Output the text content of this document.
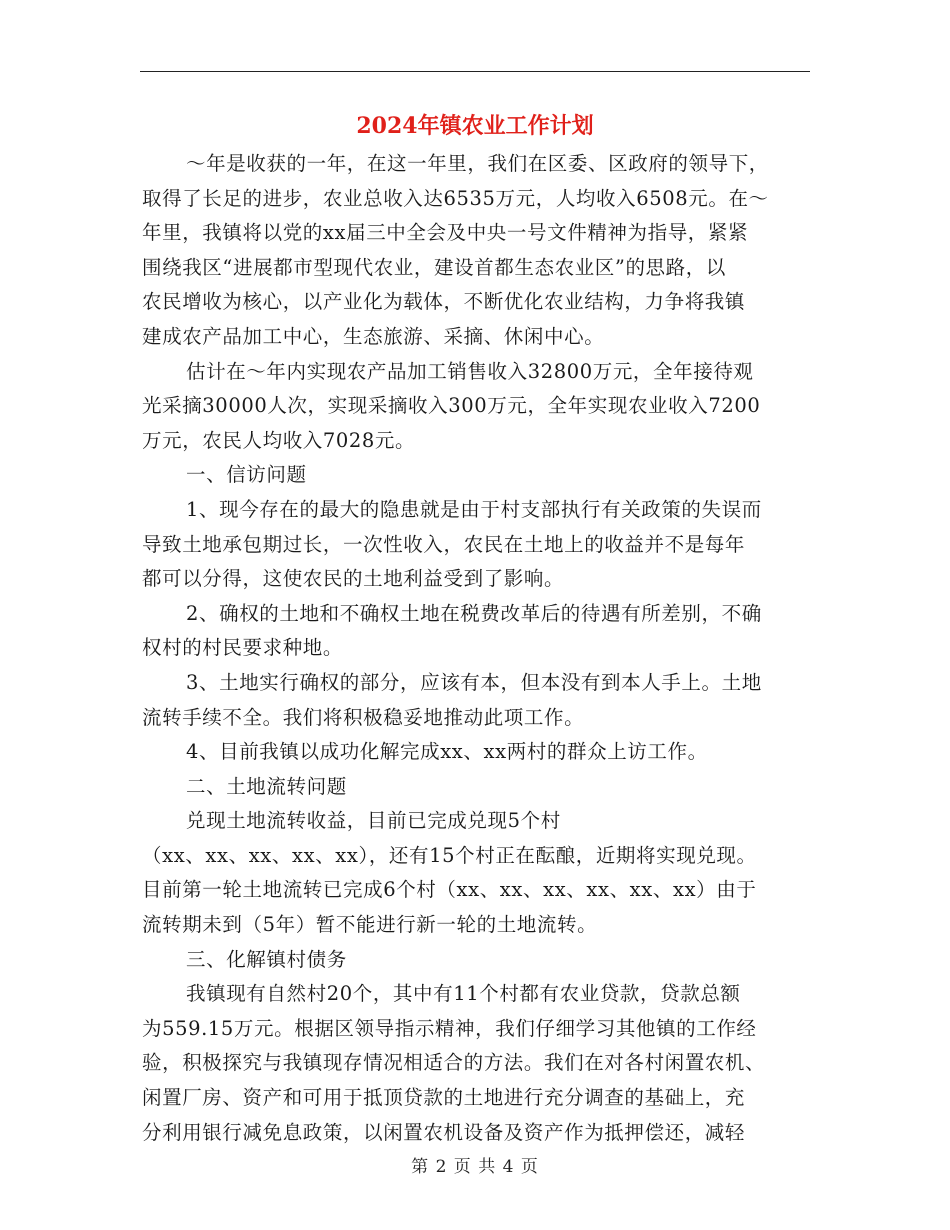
2024年镇农业工作计划
～年是收获的一年，在这一年里，我们在区委、区政府的领导下，
取得了长足的进步，农业总收入达6535万元，人均收入6508元。在～
年里，我镇将以党的xx届三中全会及中央一号文件精神为指导，紧紧
围绕我区“进展都市型现代农业，建设首都生态农业区”的思路，以
农民增收为核心，以产业化为载体，不断优化农业结构，力争将我镇
建成农产品加工中心，生态旅游、采摘、休闲中心。
估计在～年内实现农产品加工销售收入32800万元，全年接待观
光采摘30000人次，实现采摘收入300万元，全年实现农业收入7200
万元，农民人均收入7028元。
一、信访问题
1、现今存在的最大的隐患就是由于村支部执行有关政策的失误而
导致土地承包期过长，一次性收入，农民在土地上的收益并不是每年
都可以分得，这使农民的土地利益受到了影响。
2、确权的土地和不确权土地在税费改革后的待遇有所差别，不确
权村的村民要求种地。
3、土地实行确权的部分，应该有本，但本没有到本人手上。土地
流转手续不全。我们将积极稳妥地推动此项工作。
4、目前我镇以成功化解完成xx、xx两村的群众上访工作。
二、土地流转问题
兑现土地流转收益，目前已完成兑现5个村
（xx、xx、xx、xx、xx），还有15个村正在酝酿，近期将实现兑现。
目前第一轮土地流转已完成6个村（xx、xx、xx、xx、xx、xx）由于
流转期未到（5年）暂不能进行新一轮的土地流转。
三、化解镇村债务
我镇现有自然村20个，其中有11个村都有农业贷款，贷款总额
为559.15万元。根据区领导指示精神，我们仔细学习其他镇的工作经
验，积极探究与我镇现存情况相适合的方法。我们在对各村闲置农机、
闲置厂房、资产和可用于抵顶贷款的土地进行充分调查的基础上，充
分利用银行减免息政策，以闲置农机设备及资产作为抵押偿还，减轻
第 2 页 共 4 页
